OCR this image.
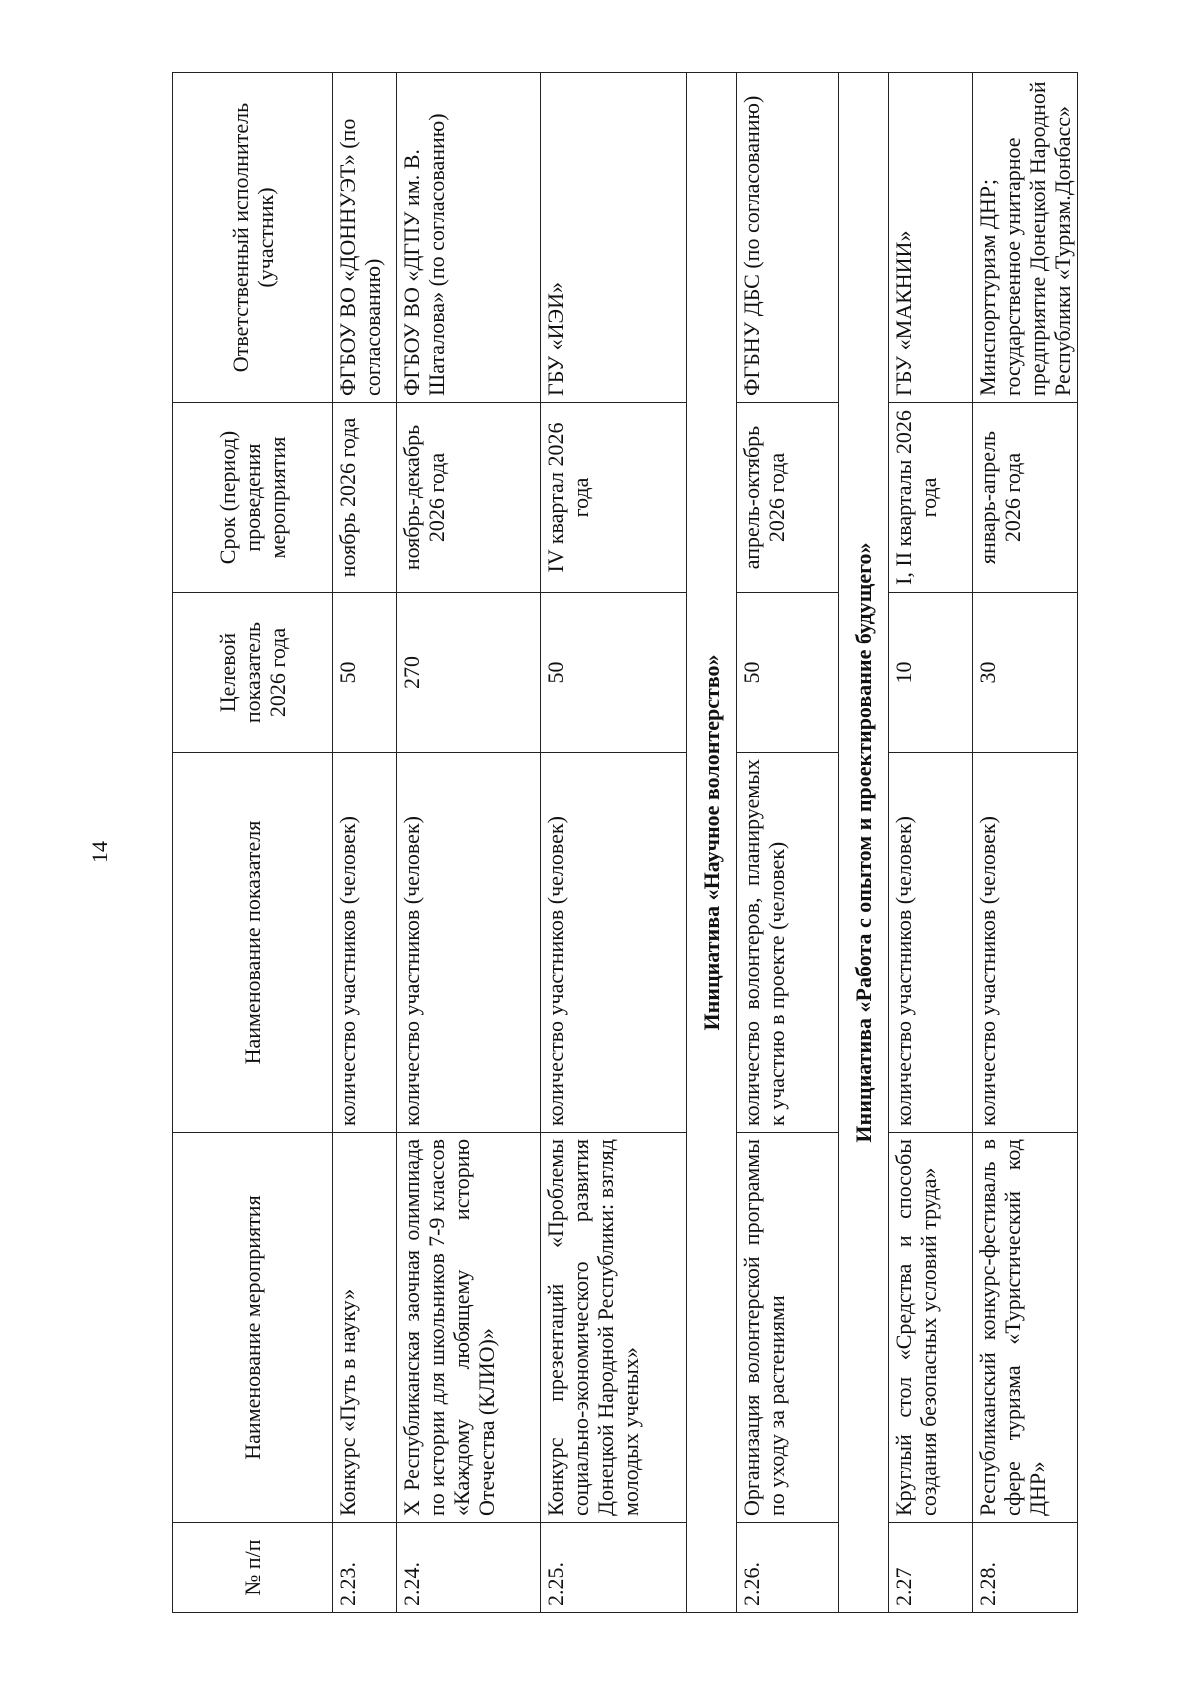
14
№ п/п	Наименование мероприятия	Наименование показателя	Целевой показатель 2026 года	Срок (период) проведения мероприятия	Ответственный исполнитель (участник)
2.23.	Конкурс «Путь в науку»	количество участников (человек)	50	ноябрь 2026 года	ФГБОУ ВО «ДОННУЭТ» (по согласованию)
2.24.	X Республиканская заочная олимпиада по истории для школьников 7-9 классов «Каждому любящему историю Отечества (КЛИО)»	количество участников (человек)	270	ноябрь-декабрь 2026 года	ФГБОУ ВО «ДГПУ им. В. Шаталова» (по согласованию)
2.25.	Конкурс презентаций «Проблемы социально-экономического развития Донецкой Народной Республики: взгляд молодых ученых»	количество участников (человек)	50	IV квартал 2026 года	ГБУ «ИЭИ»
Инициатива «Научное волонтерство»					
2.26.	Организация волонтерской программы по уходу за растениями	количество волонтеров, планируемых к участию в проекте (человек)	50	апрель-октябрь 2026 года	ФГБНУ ДБС (по согласованию)
Инициатива «Работа с опытом и проектирование будущего»					
2.27	Круглый стол «Средства и способы создания безопасных условий труда»	количество участников (человек)	10	I, II кварталы 2026 года	ГБУ «МАКНИИ»
2.28.	Республиканский конкурс-фестиваль в сфере туризма «Туристический код ДНР»	количество участников (человек)	30	январь-апрель 2026 года	Минспорттуризм ДНР; государственное унитарное предприятие Донецкой Народной Республики «Туризм.Донбасс»
